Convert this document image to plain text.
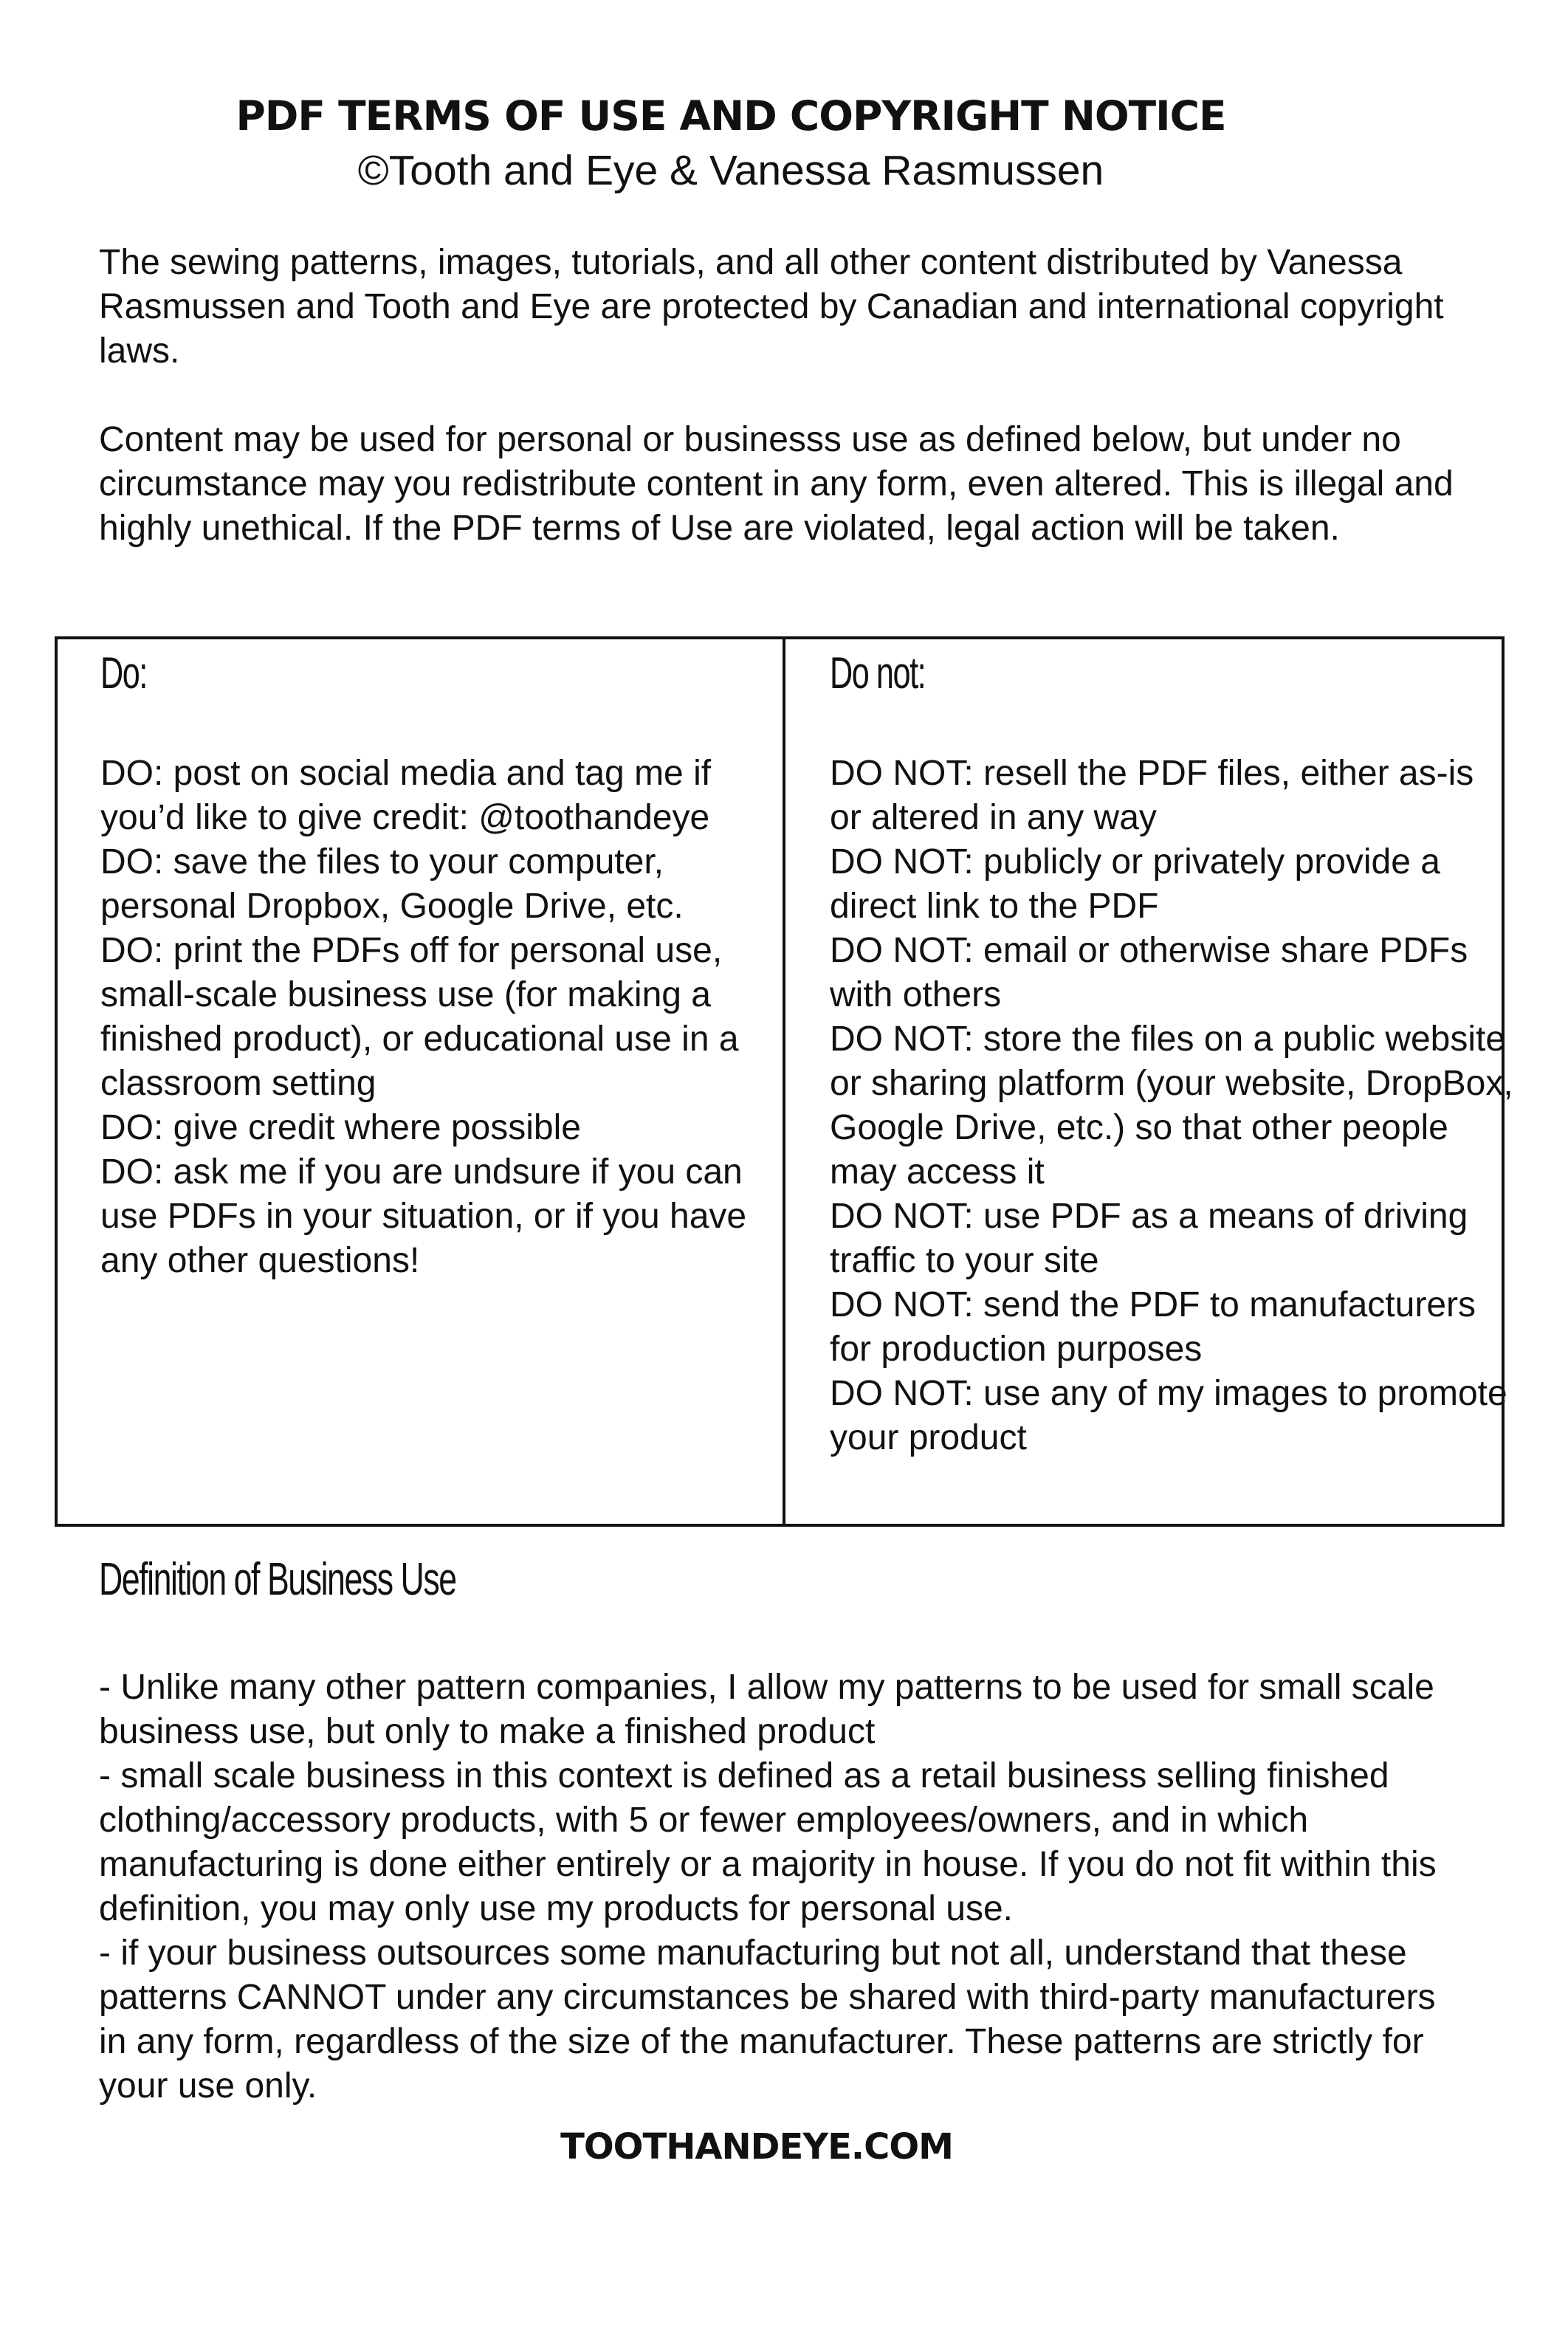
PDF TERMS OF USE AND COPYRIGHT NOTICE
©Tooth and Eye & Vanessa Rasmussen

The sewing patterns, images, tutorials, and all other content distributed by Vanessa Rasmussen and Tooth and Eye are protected by Canadian and international copyright laws.

Content may be used for personal or businesss use as defined below, but under no circumstance may you redistribute content in any form, even altered. This is illegal and highly unethical. If the PDF terms of Use are violated, legal action will be taken.

Do:
DO: post on social media and tag me if you’d like to give credit: @toothandeye
DO: save the files to your computer, personal Dropbox, Google Drive, etc.
DO: print the PDFs off for personal use, small-scale business use (for making a finished product), or educational use in a classroom setting
DO: give credit where possible
DO: ask me if you are undsure if you can use PDFs in your situation, or if you have any other questions!
Do not:
DO NOT: resell the PDF files, either as-is or altered in any way
DO NOT: publicly or privately provide a direct link to the PDF
DO NOT: email or otherwise share PDFs with others
DO NOT: store the files on a public website or sharing platform (your website, DropBox, Google Drive, etc.) so that other people may access it
DO NOT: use PDF as a means of driving traffic to your site
DO NOT: send the PDF to manufacturers for production purposes
DO NOT: use any of my images to promote your product
Definition of Business Use
- Unlike many other pattern companies, I allow my patterns to be used for small scale business use, but only to make a finished product
- small scale business in this context is defined as a retail business selling finished clothing/accessory products, with 5 or fewer employees/owners, and in which manufacturing is done either entirely or a majority in house. If you do not fit within this definition, you may only use my products for personal use.
- if your business outsources some manufacturing but not all, understand that these patterns CANNOT under any circumstances be shared with third-party manufacturers in any form, regardless of the size of the manufacturer. These patterns are strictly for your use only.
TOOTHANDEYE.COM
